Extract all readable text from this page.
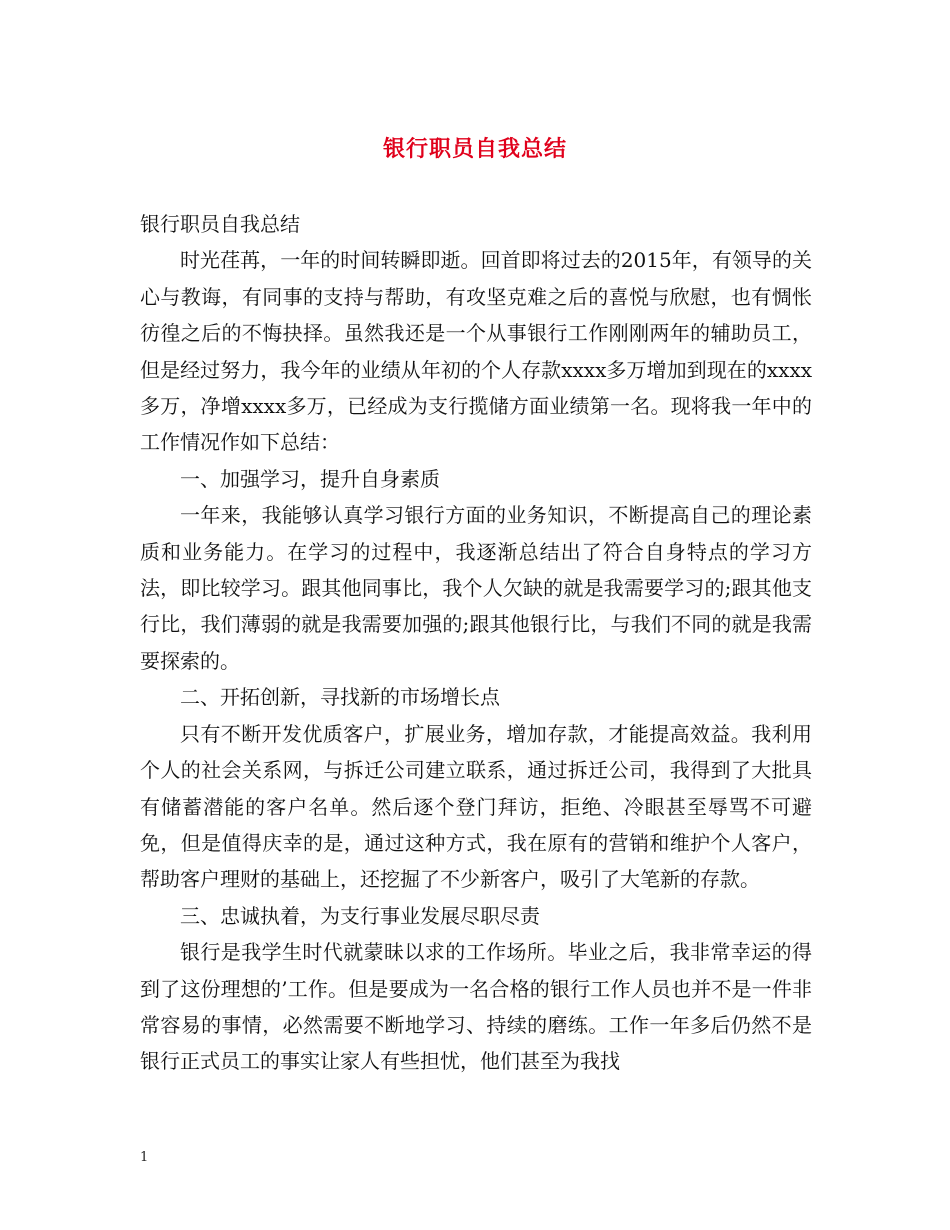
银行职员自我总结

银行职员自我总结

时光荏苒，一年的时间转瞬即逝。回首即将过去的2015年，有领导的关心与教诲，有同事的支持与帮助，有攻坚克难之后的喜悦与欣慰，也有惆怅彷徨之后的不悔抉择。虽然我还是一个从事银行工作刚刚两年的辅助员工，但是经过努力，我今年的业绩从年初的个人存款xxxx多万增加到现在的xxxx多万，净增xxxx多万，已经成为支行揽储方面业绩第一名。现将我一年中的工作情况作如下总结：

一、加强学习，提升自身素质

一年来，我能够认真学习银行方面的业务知识，不断提高自己的理论素质和业务能力。在学习的过程中，我逐渐总结出了符合自身特点的学习方法，即比较学习。跟其他同事比，我个人欠缺的就是我需要学习的;跟其他支行比，我们薄弱的就是我需要加强的;跟其他银行比，与我们不同的就是我需要探索的。

二、开拓创新，寻找新的市场增长点

只有不断开发优质客户，扩展业务，增加存款，才能提高效益。我利用个人的社会关系网，与拆迁公司建立联系，通过拆迁公司，我得到了大批具有储蓄潜能的客户名单。然后逐个登门拜访，拒绝、冷眼甚至辱骂不可避免，但是值得庆幸的是，通过这种方式，我在原有的营销和维护个人客户，帮助客户理财的基础上，还挖掘了不少新客户，吸引了大笔新的存款。

三、忠诚执着，为支行事业发展尽职尽责

银行是我学生时代就蒙昧以求的工作场所。毕业之后，我非常幸运的得到了这份理想的’工作。但是要成为一名合格的银行工作人员也并不是一件非常容易的事情，必然需要不断地学习、持续的磨练。工作一年多后仍然不是银行正式员工的事实让家人有些担忧，他们甚至为我找

1
